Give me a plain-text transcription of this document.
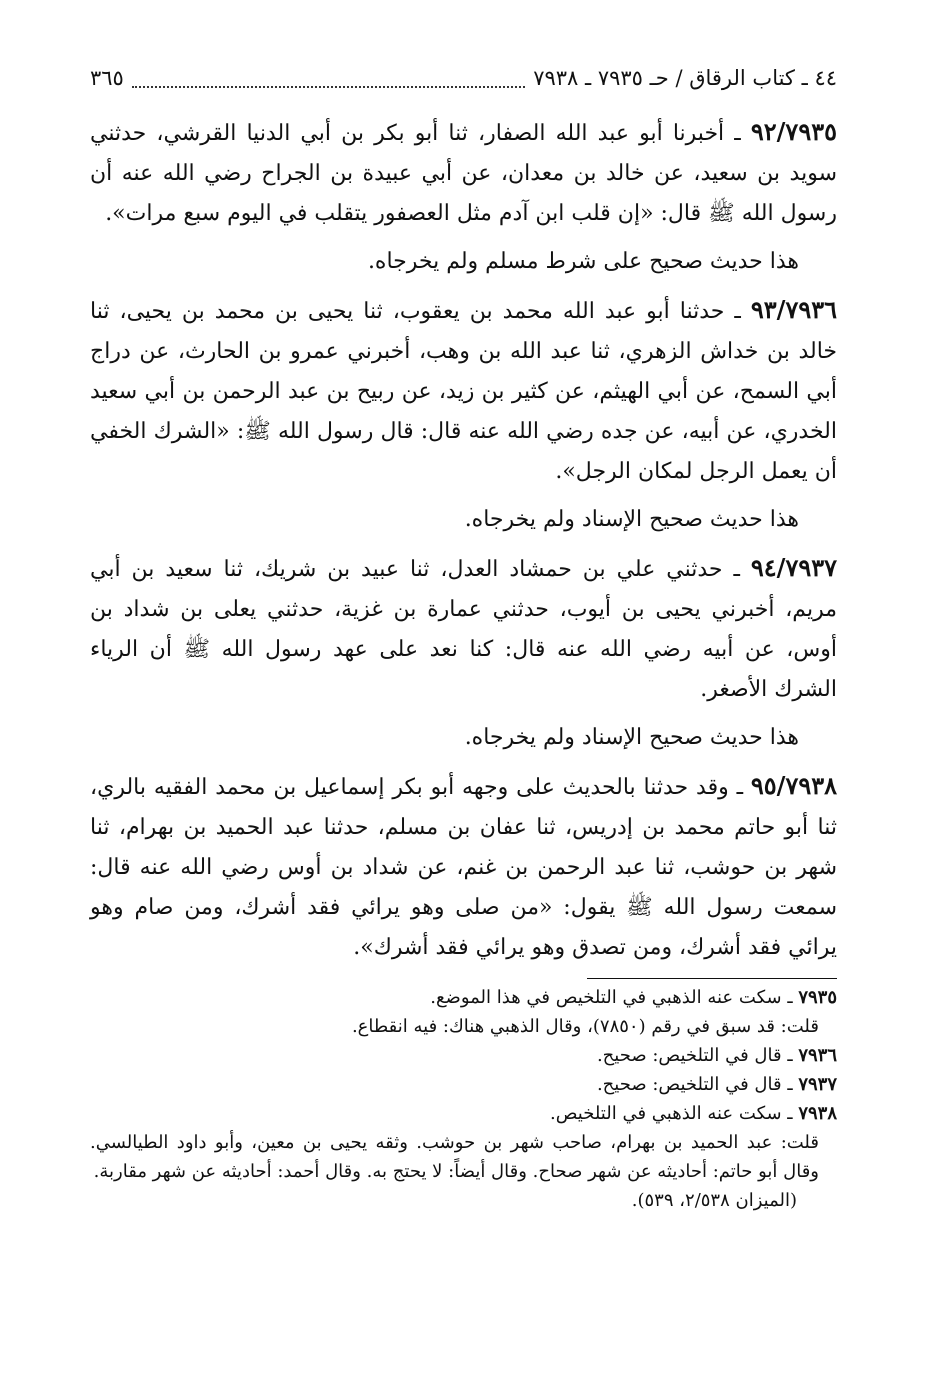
٤٤ ـ كتاب الرقاق / حـ ٧٩٣٥ ـ ٧٩٣٨
٣٦٥

٩٢/٧٩٣٥ ـ أخبرنا أبو عبد الله الصفار، ثنا أبو بكر بن أبي الدنيا القرشي، حدثني سويد بن سعيد، عن خالد بن معدان، عن أبي عبيدة بن الجراح رضي الله عنه أن رسول الله ﷺ قال: «إن قلب ابن آدم مثل العصفور يتقلب في اليوم سبع مرات».

هذا حديث صحيح على شرط مسلم ولم يخرجاه.

٩٣/٧٩٣٦ ـ حدثنا أبو عبد الله محمد بن يعقوب، ثنا يحيى بن محمد بن يحيى، ثنا خالد بن خداش الزهري، ثنا عبد الله بن وهب، أخبرني عمرو بن الحارث، عن دراج أبي السمح، عن أبي الهيثم، عن كثير بن زيد، عن ربيح بن عبد الرحمن بن أبي سعيد الخدري، عن أبيه، عن جده رضي الله عنه قال: قال رسول الله ﷺ: «الشرك الخفي أن يعمل الرجل لمكان الرجل».

هذا حديث صحيح الإسناد ولم يخرجاه.

٩٤/٧٩٣٧ ـ حدثني علي بن حمشاد العدل، ثنا عبيد بن شريك، ثنا سعيد بن أبي مريم، أخبرني يحيى بن أيوب، حدثني عمارة بن غزية، حدثني يعلى بن شداد بن أوس، عن أبيه رضي الله عنه قال: كنا نعد على عهد رسول الله ﷺ أن الرياء الشرك الأصغر.

هذا حديث صحيح الإسناد ولم يخرجاه.

٩٥/٧٩٣٨ ـ وقد حدثنا بالحديث على وجهه أبو بكر إسماعيل بن محمد الفقيه بالري، ثنا أبو حاتم محمد بن إدريس، ثنا عفان بن مسلم، حدثنا عبد الحميد بن بهرام، ثنا شهر بن حوشب، ثنا عبد الرحمن بن غنم، عن شداد بن أوس رضي الله عنه قال: سمعت رسول الله ﷺ يقول: «من صلى وهو يرائي فقد أشرك، ومن صام وهو يرائي فقد أشرك، ومن تصدق وهو يرائي فقد أشرك».

٧٩٣٥ ـ سكت عنه الذهبي في التلخيص في هذا الموضع.

قلت: قد سبق في رقم (٧٨٥٠)، وقال الذهبي هناك: فيه انقطاع.

٧٩٣٦ ـ قال في التلخيص: صحيح.

٧٩٣٧ ـ قال في التلخيص: صحيح.

٧٩٣٨ ـ سكت عنه الذهبي في التلخيص.

قلت: عبد الحميد بن بهرام، صاحب شهر بن حوشب. وثقه يحيى بن معين، وأبو داود الطيالسي. وقال أبو حاتم: أحاديثه عن شهر صحاح. وقال أيضاً: لا يحتج به. وقال أحمد: أحاديثه عن شهر مقاربة.

(الميزان ٢/٥٣٨، ٥٣٩).
